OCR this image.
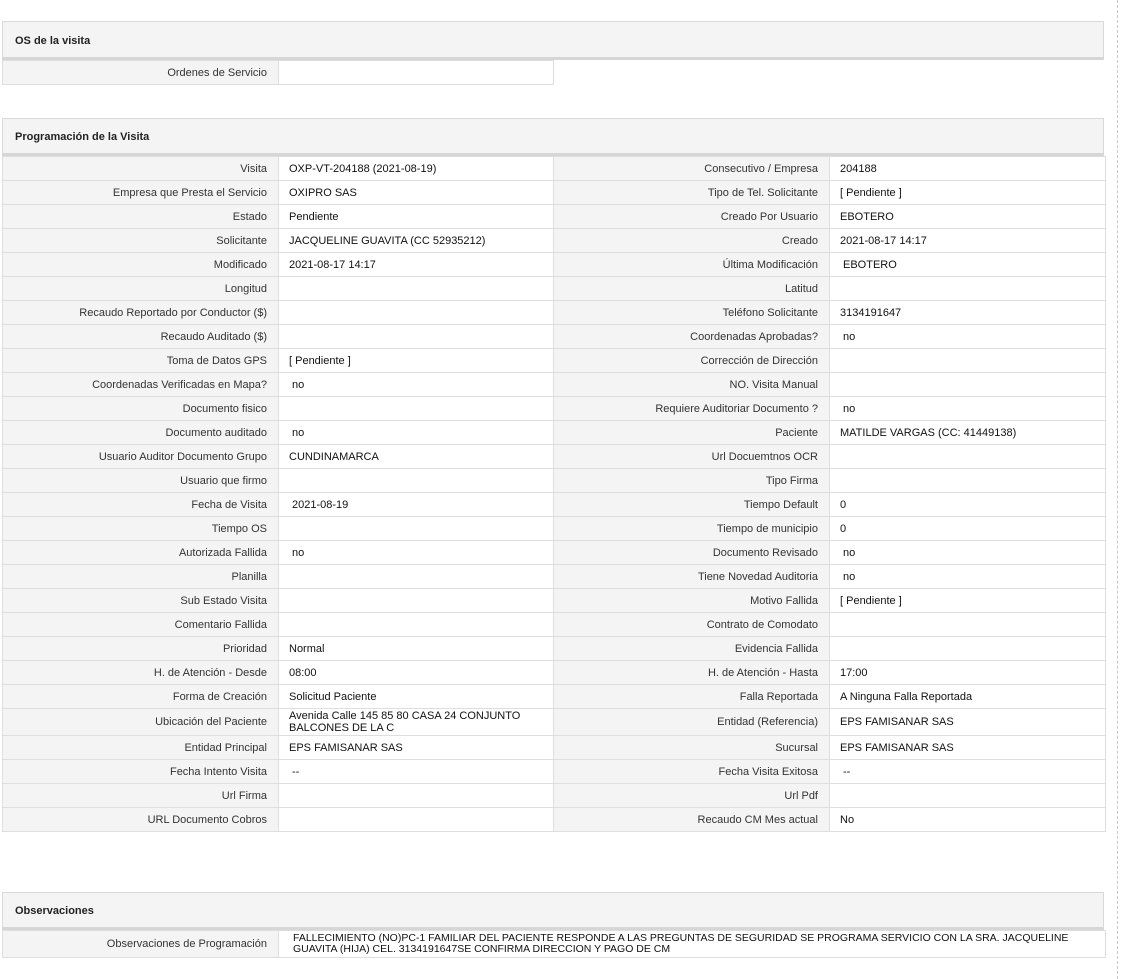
OS de la visita
Ordenes de Servicio	
Programación de la Visita
Visita	OXP-VT-204188 (2021-08-19)	Consecutivo / Empresa	204188
Empresa que Presta el Servicio	OXIPRO SAS	Tipo de Tel. Solicitante	[ Pendiente ]
Estado	Pendiente	Creado Por Usuario	EBOTERO
Solicitante	JACQUELINE GUAVITA (CC 52935212)	Creado	2021-08-17 14:17
Modificado	2021-08-17 14:17	Última Modificación	EBOTERO
Longitud		Latitud	
Recaudo Reportado por Conductor ($)		Teléfono Solicitante	3134191647
Recaudo Auditado ($)		Coordenadas Aprobadas?	no
Toma de Datos GPS	[ Pendiente ]	Corrección de Dirección	
Coordenadas Verificadas en Mapa?	no	NO. Visita Manual	
Documento fisico		Requiere Auditoriar Documento ?	no
Documento auditado	no	Paciente	MATILDE VARGAS (CC: 41449138)
Usuario Auditor Documento Grupo	CUNDINAMARCA	Url Docuemtnos OCR	
Usuario que firmo		Tipo Firma	
Fecha de Visita	2021-08-19	Tiempo Default	0
Tiempo OS		Tiempo de municipio	0
Autorizada Fallida	no	Documento Revisado	no
Planilla		Tiene Novedad Auditoria	no
Sub Estado Visita		Motivo Fallida	[ Pendiente ]
Comentario Fallida		Contrato de Comodato	
Prioridad	Normal	Evidencia Fallida	
H. de Atención - Desde	08:00	H. de Atención - Hasta	17:00
Forma de Creación	Solicitud Paciente	Falla Reportada	A Ninguna Falla Reportada
Ubicación del Paciente	Avenida Calle 145 85 80 CASA 24 CONJUNTO BALCONES DE LA C	Entidad (Referencia)	EPS FAMISANAR SAS
Entidad Principal	EPS FAMISANAR SAS	Sucursal	EPS FAMISANAR SAS
Fecha Intento Visita	--	Fecha Visita Exitosa	--
Url Firma		Url Pdf	
URL Documento Cobros		Recaudo CM Mes actual	No
Observaciones
Observaciones de Programación	FALLECIMIENTO (NO)PC-1 FAMILIAR DEL PACIENTE RESPONDE A LAS PREGUNTAS DE SEGURIDAD SE PROGRAMA SERVICIO CON LA SRA. JACQUELINE GUAVITA (HIJA) CEL. 3134191647SE CONFIRMA DIRECCION Y PAGO DE CM
